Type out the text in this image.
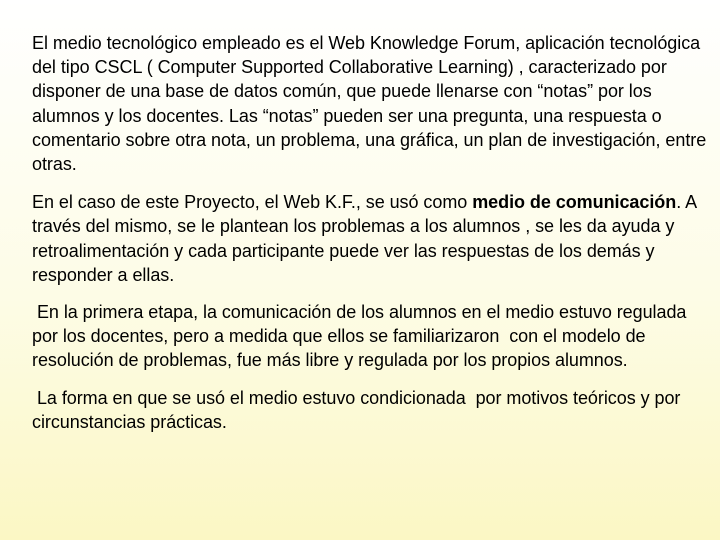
El medio tecnológico empleado es el Web Knowledge Forum, aplicación tecnológica del tipo CSCL ( Computer Supported Collaborative Learning) , caracterizado por disponer de una base de datos común, que puede llenarse con “notas” por los alumnos y los docentes. Las “notas” pueden ser una pregunta, una respuesta o comentario sobre otra nota, un problema, una gráfica, un plan de investigación, entre otras.

En el caso de este Proyecto, el Web K.F., se usó como medio de comunicación. A través del mismo, se le plantean los problemas a los alumnos , se les da ayuda y retroalimentación y cada participante puede ver las respuestas de los demás y responder a ellas.

En la primera etapa, la comunicación de los alumnos en el medio estuvo regulada por los docentes, pero a medida que ellos se familiarizaron  con el modelo de resolución de problemas, fue más libre y regulada por los propios alumnos.

La forma en que se usó el medio estuvo condicionada  por motivos teóricos y por circunstancias prácticas.
